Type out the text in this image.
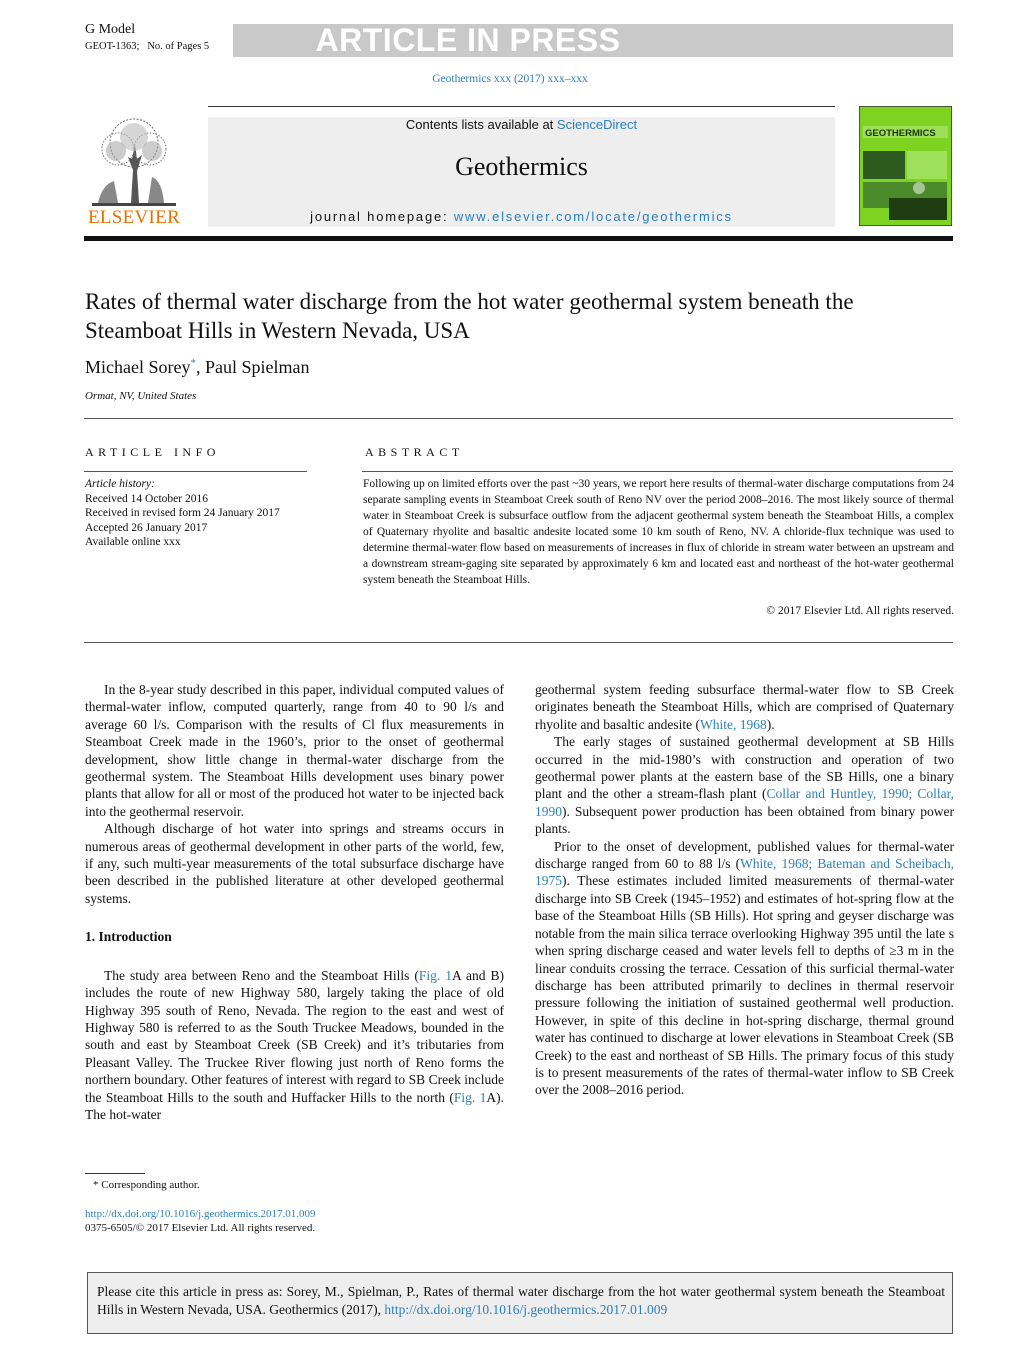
G Model
GEOT-1363; No. of Pages 5	ARTICLE IN PRESS
Geothermics xxx (2017) xxx–xxx
ELSEVIER
Contents lists available at ScienceDirect
Geothermics
journal homepage: www.elsevier.com/locate/geothermics
GEOTHERMICS
Rates of thermal water discharge from the hot water geothermal system beneath the Steamboat Hills in Western Nevada, USA
Michael Sorey*, Paul Spielman
Ormat, NV, United States
ARTICLE INFO	ABSTRACT
Article history:
Received 14 October 2016
Received in revised form 24 January 2017
Accepted 26 January 2017
Available online xxx
Following up on limited efforts over the past ~30 years, we report here results of thermal-water discharge computations from 24 separate sampling events in Steamboat Creek south of Reno NV over the period 2008–2016. The most likely source of thermal water in Steamboat Creek is subsurface outflow from the adjacent geothermal system beneath the Steamboat Hills, a complex of Quaternary rhyolite and basaltic andesite located some 10 km south of Reno, NV. A chloride-flux technique was used to determine thermal-water flow based on measurements of increases in flux of chloride in stream water between an upstream and a downstream stream-gaging site separated by approximately 6 km and located east and northeast of the hot-water geothermal system beneath the Steamboat Hills.
© 2017 Elsevier Ltd. All rights reserved.

In the 8-year study described in this paper, individual computed values of thermal-water inflow, computed quarterly, range from 40 to 90 l/s and average 60 l/s. Comparison with the results of Cl flux measurements in Steamboat Creek made in the 1960’s, prior to the onset of geothermal development, show little change in thermal-water discharge from the geothermal system. The Steamboat Hills development uses binary power plants that allow for all or most of the produced hot water to be injected back into the geothermal reservoir.

Although discharge of hot water into springs and streams occurs in numerous areas of geothermal development in other parts of the world, few, if any, such multi-year measurements of the total subsurface discharge have been described in the published literature at other developed geothermal systems.

1. Introduction

The study area between Reno and the Steamboat Hills (Fig. 1A and B) includes the route of new Highway 580, largely taking the place of old Highway 395 south of Reno, Nevada. The region to the east and west of Highway 580 is referred to as the South Truckee Meadows, bounded in the south and east by Steamboat Creek (SB Creek) and it’s tributaries from Pleasant Valley. The Truckee River flowing just north of Reno forms the northern boundary. Other features of interest with regard to SB Creek include the Steamboat Hills to the south and Huffacker Hills to the north (Fig. 1A). The hot-water

geothermal system feeding subsurface thermal-water flow to SB Creek originates beneath the Steamboat Hills, which are comprised of Quaternary rhyolite and basaltic andesite (White, 1968).

The early stages of sustained geothermal development at SB Hills occurred in the mid-1980’s with construction and operation of two geothermal power plants at the eastern base of the SB Hills, one a binary plant and the other a stream-flash plant (Collar and Huntley, 1990; Collar, 1990). Subsequent power production has been obtained from binary power plants.

Prior to the onset of development, published values for thermal-water discharge ranged from 60 to 88 l/s (White, 1968; Bateman and Scheibach, 1975). These estimates included limited measurements of thermal-water discharge into SB Creek (1945–1952) and estimates of hot-spring flow at the base of the Steamboat Hills (SB Hills). Hot spring and geyser discharge was notable from the main silica terrace overlooking Highway 395 until the late s when spring discharge ceased and water levels fell to depths of ≥3 m in the linear conduits crossing the terrace. Cessation of this surficial thermal-water discharge has been attributed primarily to declines in thermal reservoir pressure following the initiation of sustained geothermal well production. However, in spite of this decline in hot-spring discharge, thermal ground water has continued to discharge at lower elevations in Steamboat Creek (SB Creek) to the east and northeast of SB Hills. The primary focus of this study is to present measurements of the rates of thermal-water inflow to SB Creek over the 2008–2016 period.

* Corresponding author.
http://dx.doi.org/10.1016/j.geothermics.2017.01.009
0375-6505/© 2017 Elsevier Ltd. All rights reserved.
Please cite this article in press as: Sorey, M., Spielman, P., Rates of thermal water discharge from the hot water geothermal system beneath the Steamboat Hills in Western Nevada, USA. Geothermics (2017), http://dx.doi.org/10.1016/j.geothermics.2017.01.009
